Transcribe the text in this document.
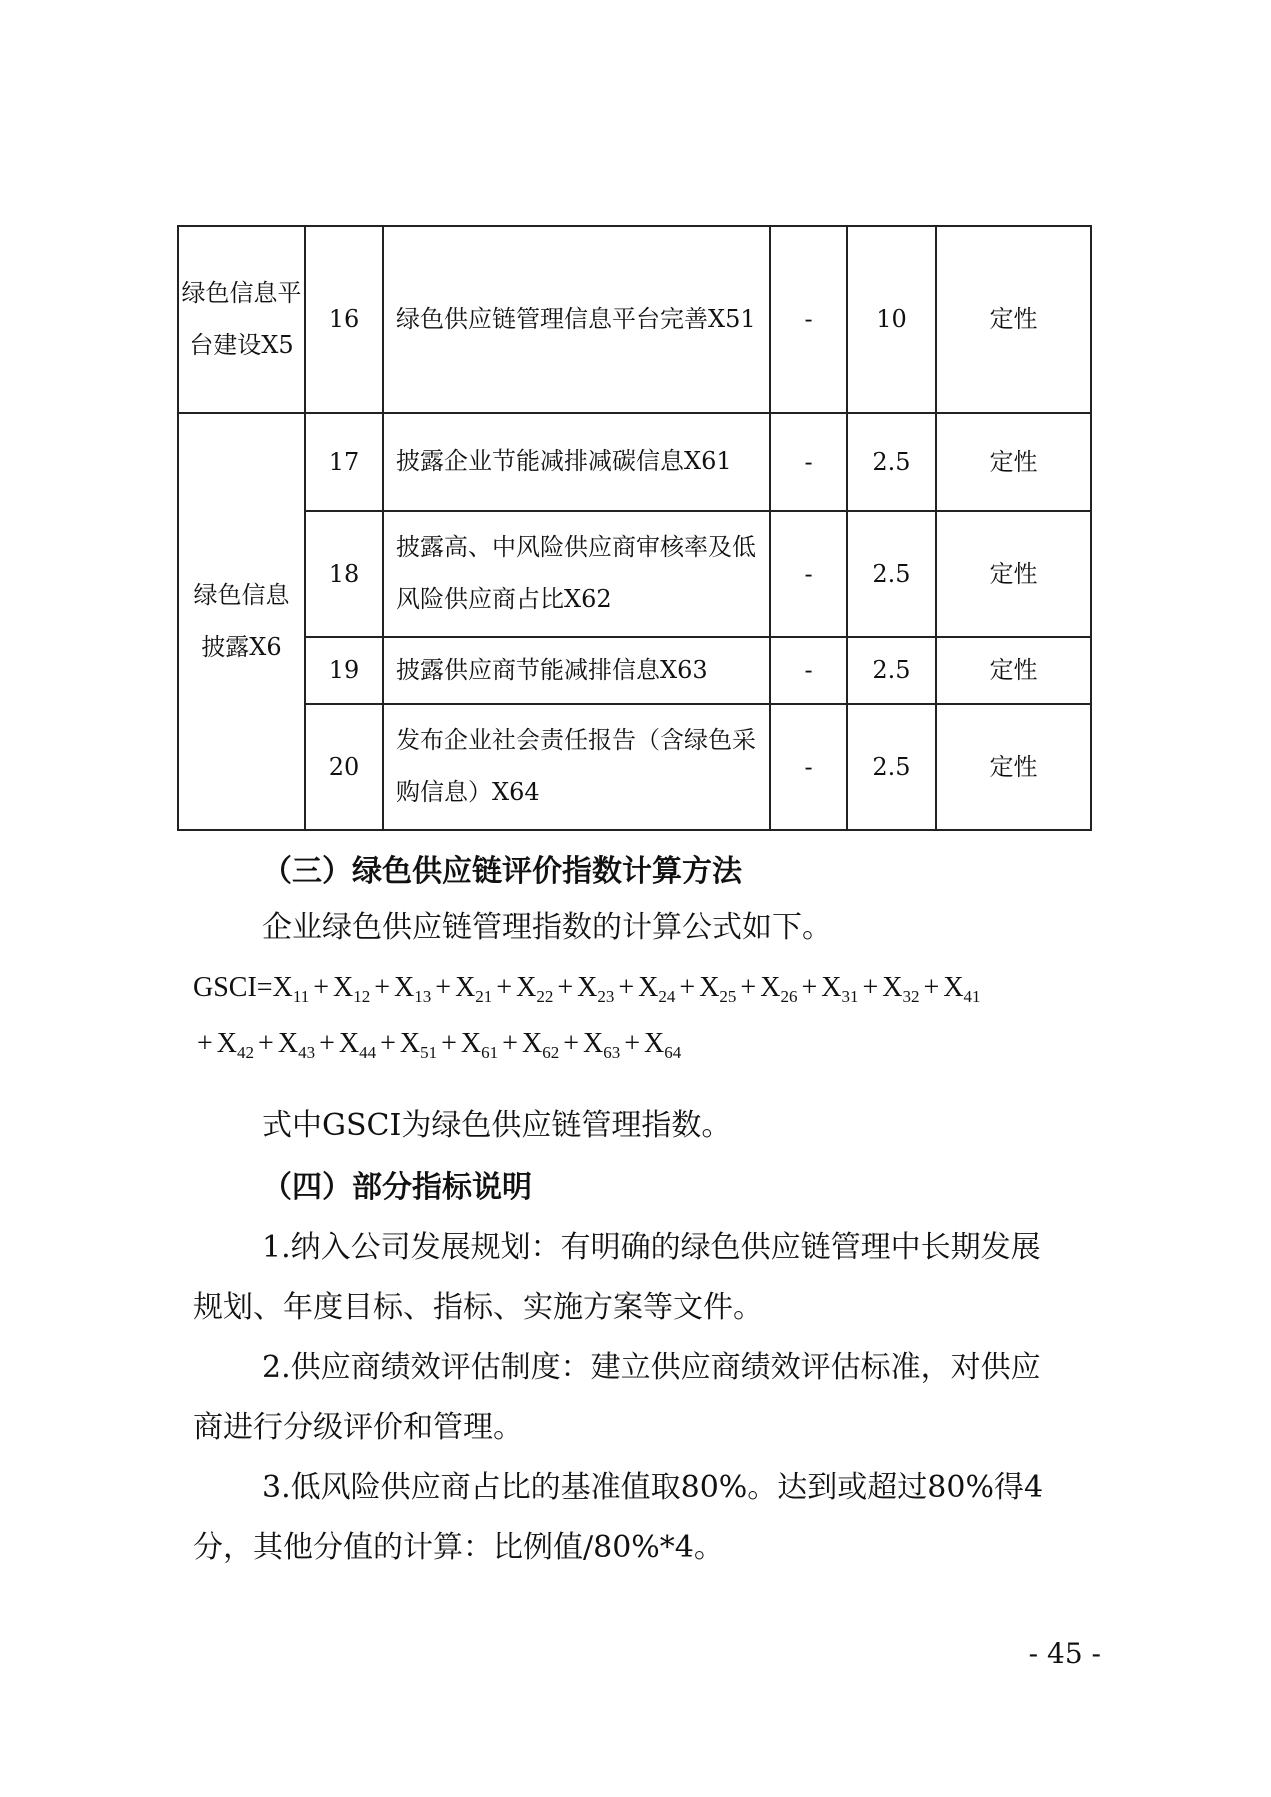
绿色信息平台建设X5	16	绿色供应链管理信息平台完善X51	-	10	定性
绿色信息披露X6	17	披露企业节能减排减碳信息X61	-	2.5	定性
	18	披露高、中风险供应商审核率及低风险供应商占比X62	-	2.5	定性
	19	披露供应商节能减排信息X63	-	2.5	定性
	20	发布企业社会责任报告（含绿色采购信息）X64	-	2.5	定性
（三）绿色供应链评价指数计算方法
企业绿色供应链管理指数的计算公式如下。
$GSCI=X_{11} + X_{12} + X_{13} + X_{21} + X_{22} + X_{23} + X_{24} + X_{25} + X_{26} + X_{31} + X_{32} + X_{41}$
+ $X_{42} + X_{43} + X_{44} + X_{51} + X_{61} + X_{62} + X_{63} + X_{64}$
式中GSCI为绿色供应链管理指数。
（四）部分指标说明
1.纳入公司发展规划：有明确的绿色供应链管理中长期发展
规划、年度目标、指标、实施方案等文件。
2.供应商绩效评估制度：建立供应商绩效评估标准，对供应
商进行分级评价和管理。
3.低风险供应商占比的基准值取80%。达到或超过80%得4
分，其他分值的计算：比例值/80%*4。
- 45 -
